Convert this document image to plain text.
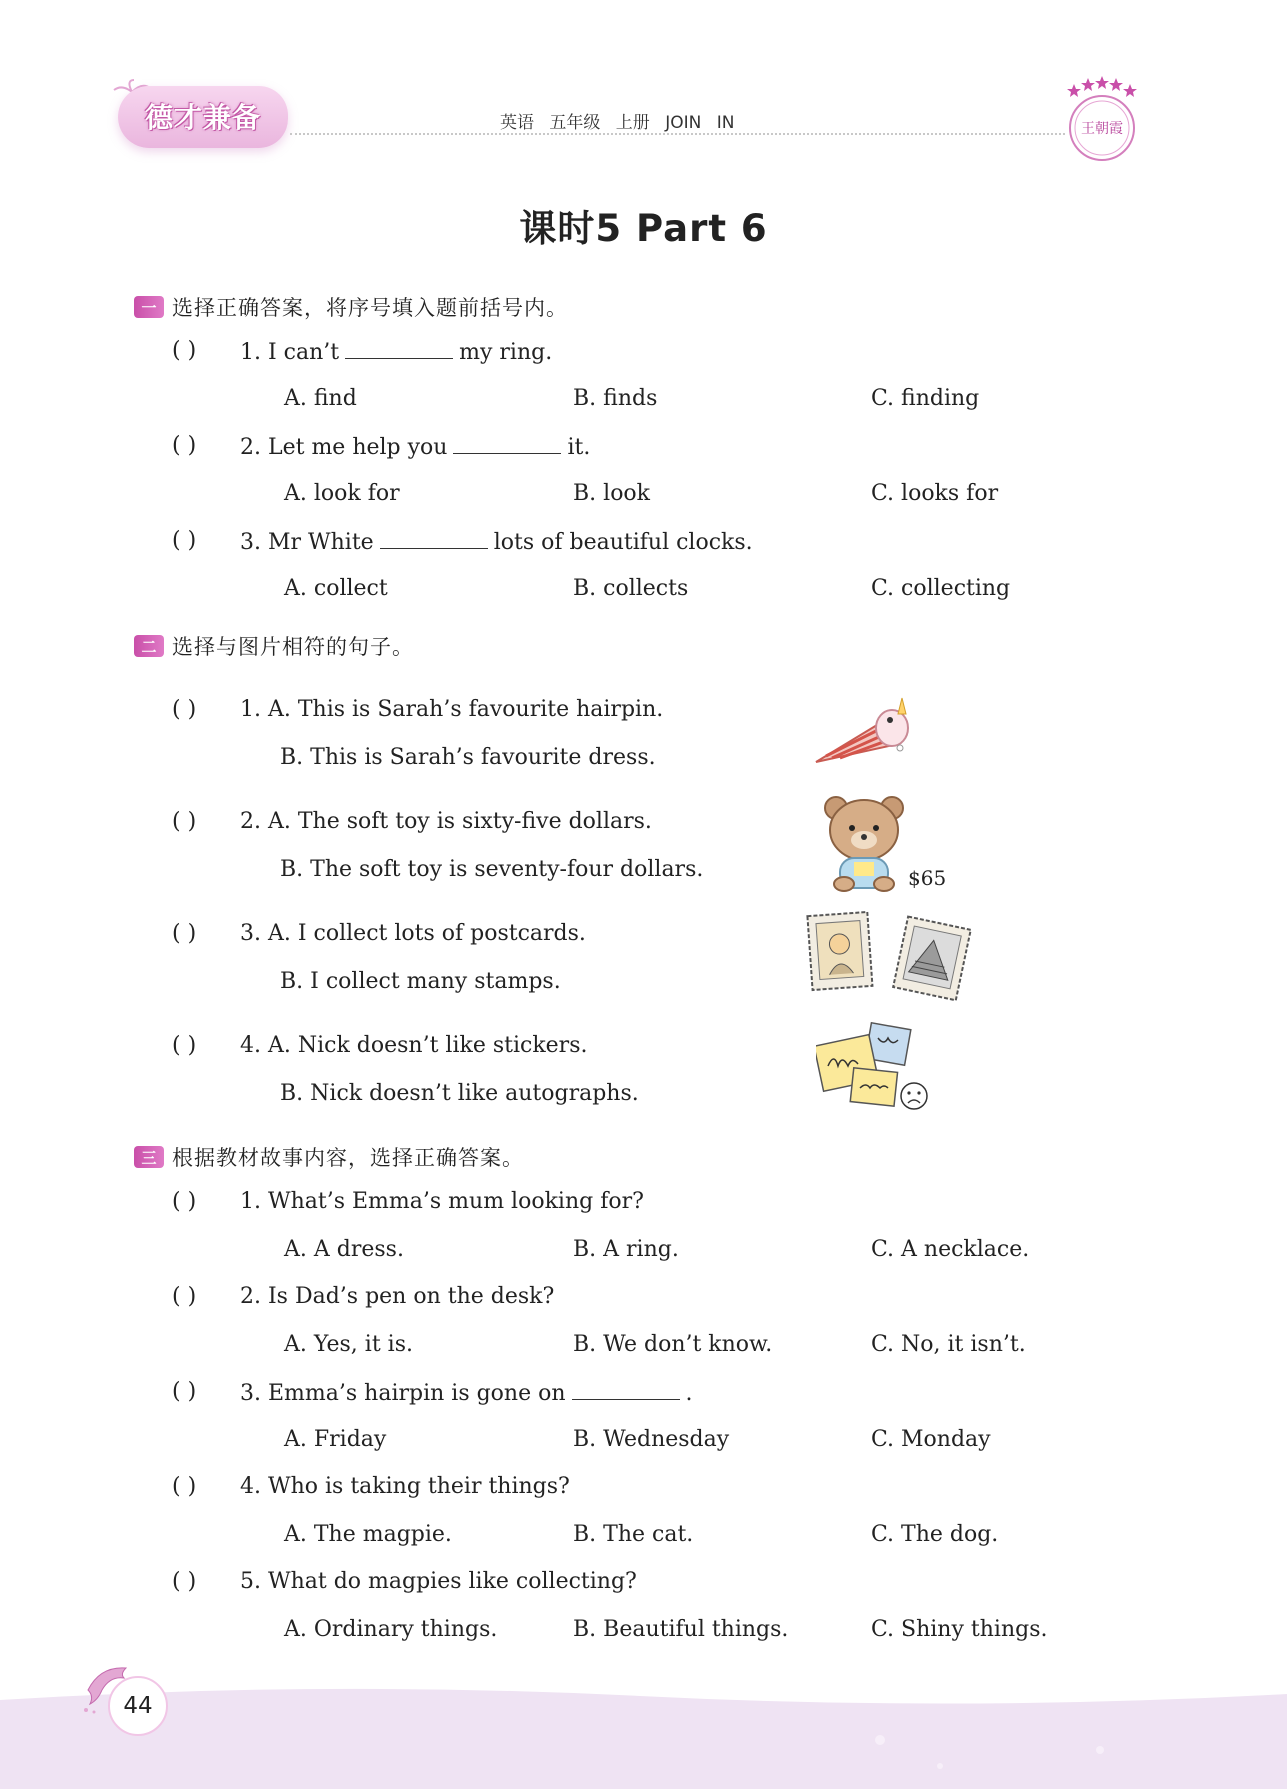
德才兼备	英语 五年级 上册 JOIN IN	王朝霞
课时5 Part 6
一 选择正确答案，将序号填入题前括号内。
( ) 1. I can’t	my ring.
A. find	B. finds	C. finding
( ) 2. Let me help you	it.
A. look for	B. look	C. looks for
( ) 3. Mr White	lots of beautiful clocks.
A. collect	B. collects	C. collecting
二 选择与图片相符的句子。
( ) 1. A. This is Sarah’s favourite hairpin.
B. This is Sarah’s favourite dress.
( ) 2. A. The soft toy is sixty-five dollars.
B. The soft toy is seventy-four dollars.	$65
( ) 3. A. I collect lots of postcards.
B. I collect many stamps.
( ) 4. A. Nick doesn’t like stickers.
B. Nick doesn’t like autographs.
三 根据教材故事内容，选择正确答案。
( ) 1. What’s Emma’s mum looking for?
A. A dress.	B. A ring.	C. A necklace.
( ) 2. Is Dad’s pen on the desk?
A. Yes, it is.	B. We don’t know.	C. No, it isn’t.
( ) 3. Emma’s hairpin is gone on	.
A. Friday	B. Wednesday	C. Monday
( ) 4. Who is taking their things?
A. The magpie.	B. The cat.	C. The dog.
( ) 5. What do magpies like collecting?
A. Ordinary things.	B. Beautiful things.	C. Shiny things.
44
